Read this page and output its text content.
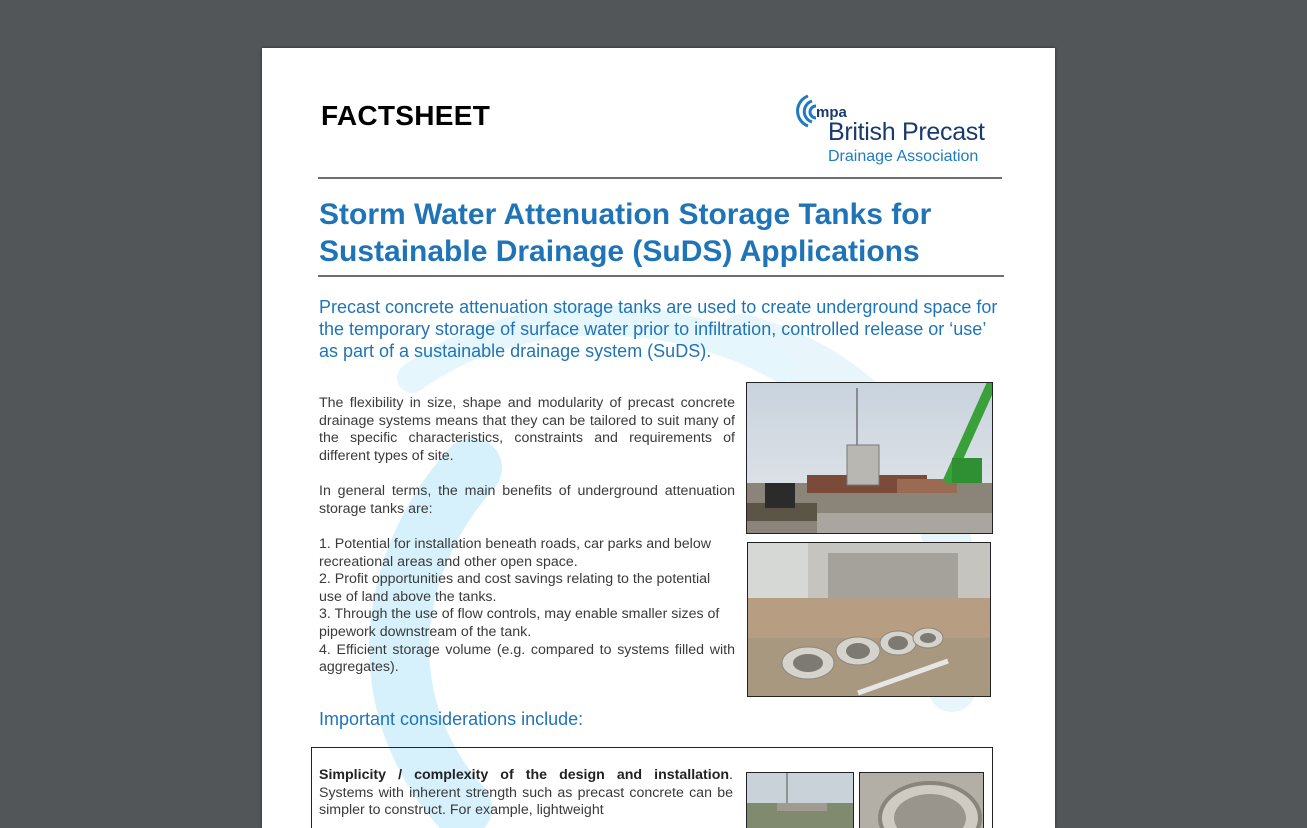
FACTSHEET	mpa
British Precast
Drainage Association
Storm Water Attenuation Storage Tanks for
Sustainable Drainage (SuDS) Applications
Precast concrete attenuation storage tanks are used to create underground space for the temporary storage of surface water prior to infiltration, controlled release or ‘use’ as part of a sustainable drainage system (SuDS).

The flexibility in size, shape and modularity of precast concrete drainage systems means that they can be tailored to suit many of the specific characteristics, constraints and requirements of different types of site.

In general terms, the main benefits of underground attenuation storage tanks are:

1. Potential for installation beneath roads, car parks and below recreational areas and other open space.

2. Profit opportunities and cost savings relating to the potential use of land above the tanks.

3. Through the use of flow controls, may enable smaller sizes of pipework downstream of the tank.

4. Efficient storage volume (e.g. compared to systems filled with aggregates).

Important considerations include:
Simplicity / complexity of the design and installation. Systems with inherent strength such as precast concrete can be simpler to construct. For example, lightweight
